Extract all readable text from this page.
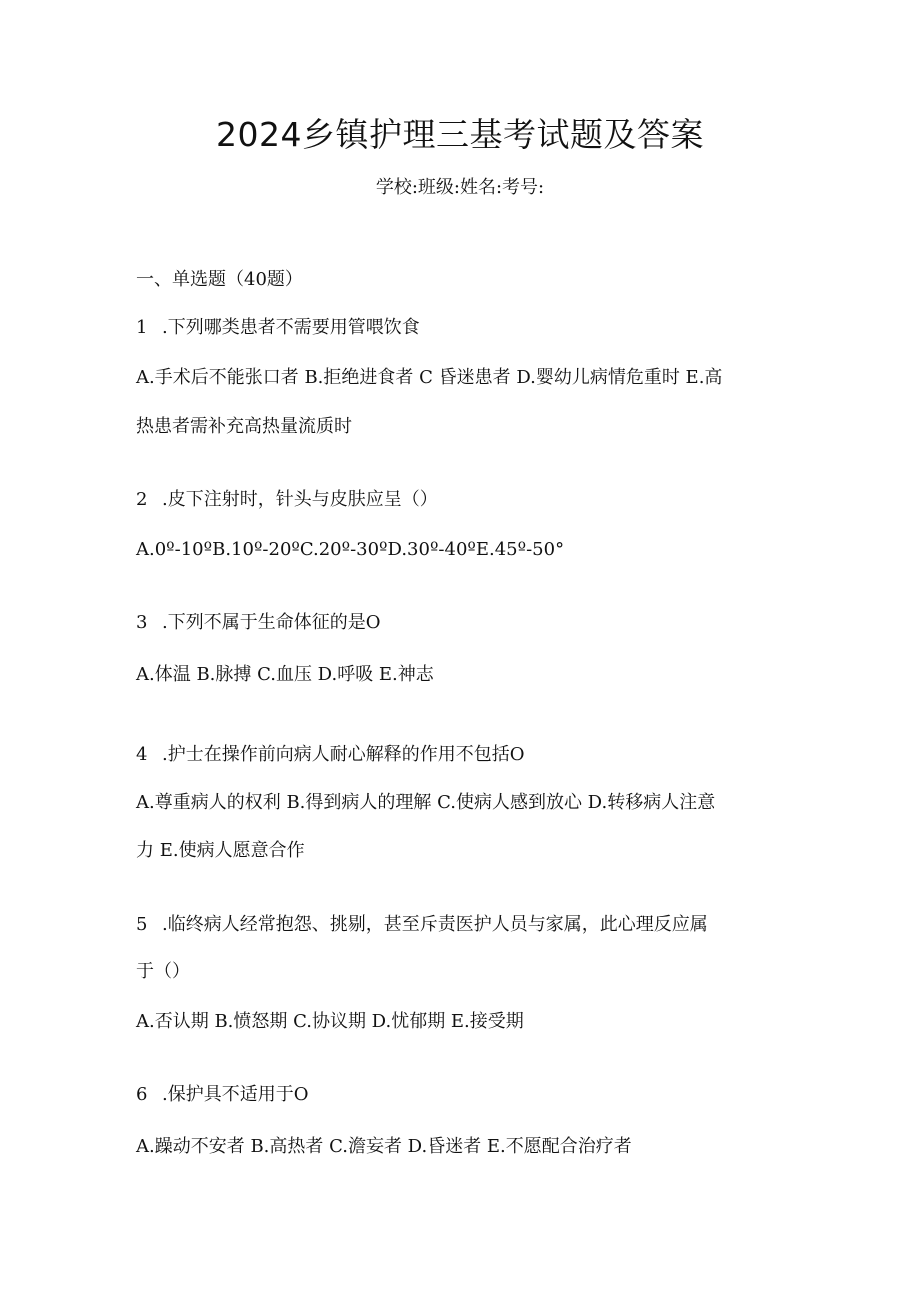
2024乡镇护理三基考试题及答案
学校:班级:姓名:考号:
一、单选题（40题）
1 .下列哪类患者不需要用管喂饮食
A.手术后不能张口者 B.拒绝进食者 C 昏迷患者 D.婴幼儿病情危重时 E.高
热患者需补充高热量流质时
2 .皮下注射时，针头与皮肤应呈（）
A.0º-10ºB.10º-20ºC.20º-30ºD.30º-40ºE.45º-50°
3 .下列不属于生命体征的是O
A.体温 B.脉搏 C.血压 D.呼吸 E.神志
4 .护士在操作前向病人耐心解释的作用不包括O
A.尊重病人的权利 B.得到病人的理解 C.使病人感到放心 D.转移病人注意
力 E.使病人愿意合作
5 .临终病人经常抱怨、挑剔，甚至斥责医护人员与家属，此心理反应属
于（）
A.否认期 B.愤怒期 C.协议期 D.忧郁期 E.接受期
6 .保护具不适用于O
A.躁动不安者 B.高热者 C.澹妄者 D.昏迷者 E.不愿配合治疗者
